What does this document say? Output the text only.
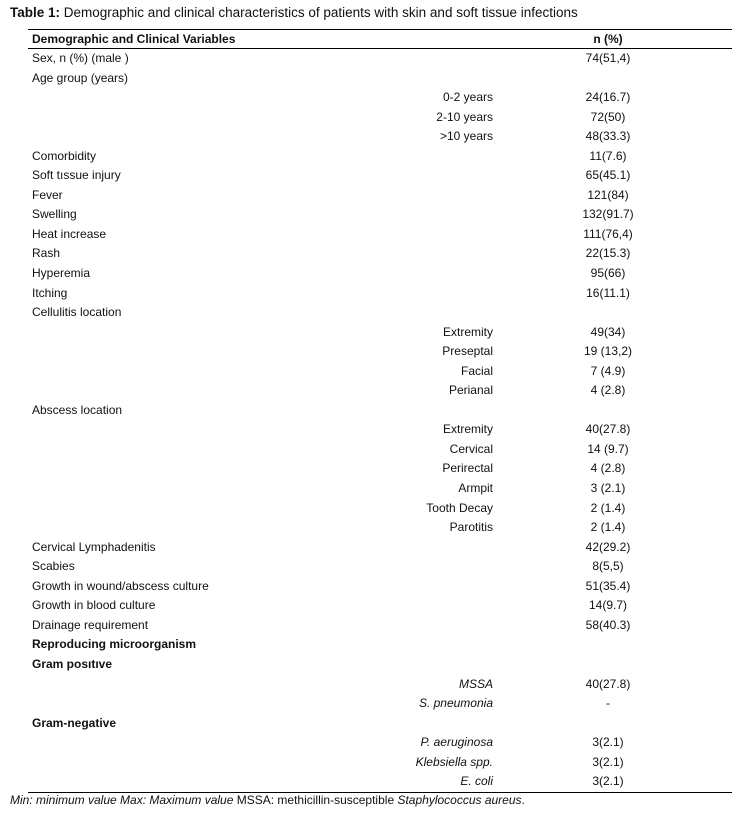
Table 1: Demographic and clinical characteristics of patients with skin and soft tissue infections
Demographic and Clinical Variables	n (%)
Sex, n (%) (male )	74(51,4)
Age group (years)
0-2 years	24(16.7)
2-10 years	72(50)
>10 years	48(33.3)
Comorbidity	11(7.6)
Soft tıssue injury	65(45.1)
Fever	121(84)
Swelling	132(91.7)
Heat increase	111(76,4)
Rash	22(15.3)
Hyperemia	95(66)
Itching	16(11.1)
Cellulitis location
Extremity	49(34)
Preseptal	19 (13,2)
Facial	7 (4.9)
Perianal	4 (2.8)
Abscess location
Extremity	40(27.8)
Cervical	14 (9.7)
Perirectal	4 (2.8)
Armpit	3 (2.1)
Tooth Decay	2 (1.4)
Parotitis	2 (1.4)
Cervical Lymphadenitis	42(29.2)
Scabies	8(5,5)
Growth in wound/abscess culture	51(35.4)
Growth in blood culture	14(9.7)
Drainage requirement	58(40.3)
Reproducing microorganism
Gram posıtıve
MSSA	40(27.8)
S. pneumonia	-
Gram-negative
P. aeruginosa	3(2.1)
Klebsiella spp.	3(2.1)
E. coli	3(2.1)
Min: minimum value Max: Maximum value MSSA: methicillin-susceptible Staphylococcus aureus.
